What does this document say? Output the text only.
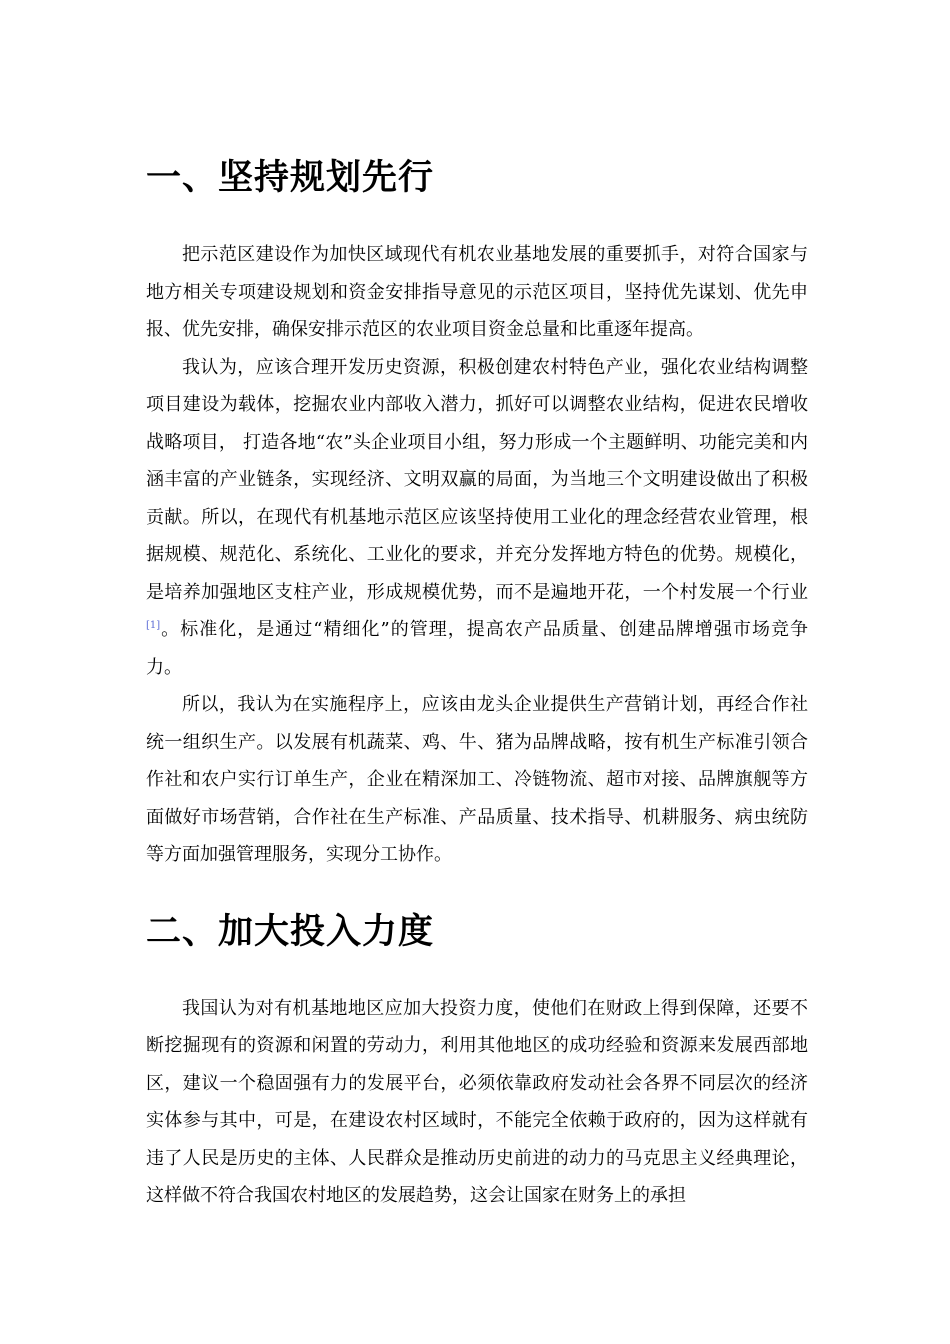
一、坚持规划先行

把示范区建设作为加快区域现代有机农业基地发展的重要抓手，对符合国家与地方相关专项建设规划和资金安排指导意见的示范区项目，坚持优先谋划、优先申报、优先安排，确保安排示范区的农业项目资金总量和比重逐年提高。

我认为，应该合理开发历史资源，积极创建农村特色产业，强化农业结构调整项目建设为载体，挖掘农业内部收入潜力，抓好可以调整农业结构，促进农民增收战略项目， 打造各地“农”头企业项目小组，努力形成一个主题鲜明、功能完美和内涵丰富的产业链条，实现经济、文明双赢的局面，为当地三个文明建设做出了积极贡献。所以，在现代有机基地示范区应该坚持使用工业化的理念经营农业管理，根据规模、规范化、系统化、工业化的要求，并充分发挥地方特色的优势。规模化，是培养加强地区支柱产业，形成规模优势，而不是遍地开花，一个村发展一个行业[1]。标准化，是通过“精细化”的管理，提高农产品质量、创建品牌增强市场竞争力。

所以，我认为在实施程序上，应该由龙头企业提供生产营销计划，再经合作社统一组织生产。以发展有机蔬菜、鸡、牛、猪为品牌战略，按有机生产标准引领合作社和农户实行订单生产，企业在精深加工、冷链物流、超市对接、品牌旗舰等方面做好市场营销，合作社在生产标准、产品质量、技术指导、机耕服务、病虫统防等方面加强管理服务，实现分工协作。

二、加大投入力度

我国认为对有机基地地区应加大投资力度，使他们在财政上得到保障，还要不断挖掘现有的资源和闲置的劳动力，利用其他地区的成功经验和资源来发展西部地区，建议一个稳固强有力的发展平台，必须依靠政府发动社会各界不同层次的经济实体参与其中，可是，在建设农村区域时，不能完全依赖于政府的，因为这样就有违了人民是历史的主体、人民群众是推动历史前进的动力的马克思主义经典理论，这样做不符合我国农村地区的发展趋势，这会让国家在财务上的承担
